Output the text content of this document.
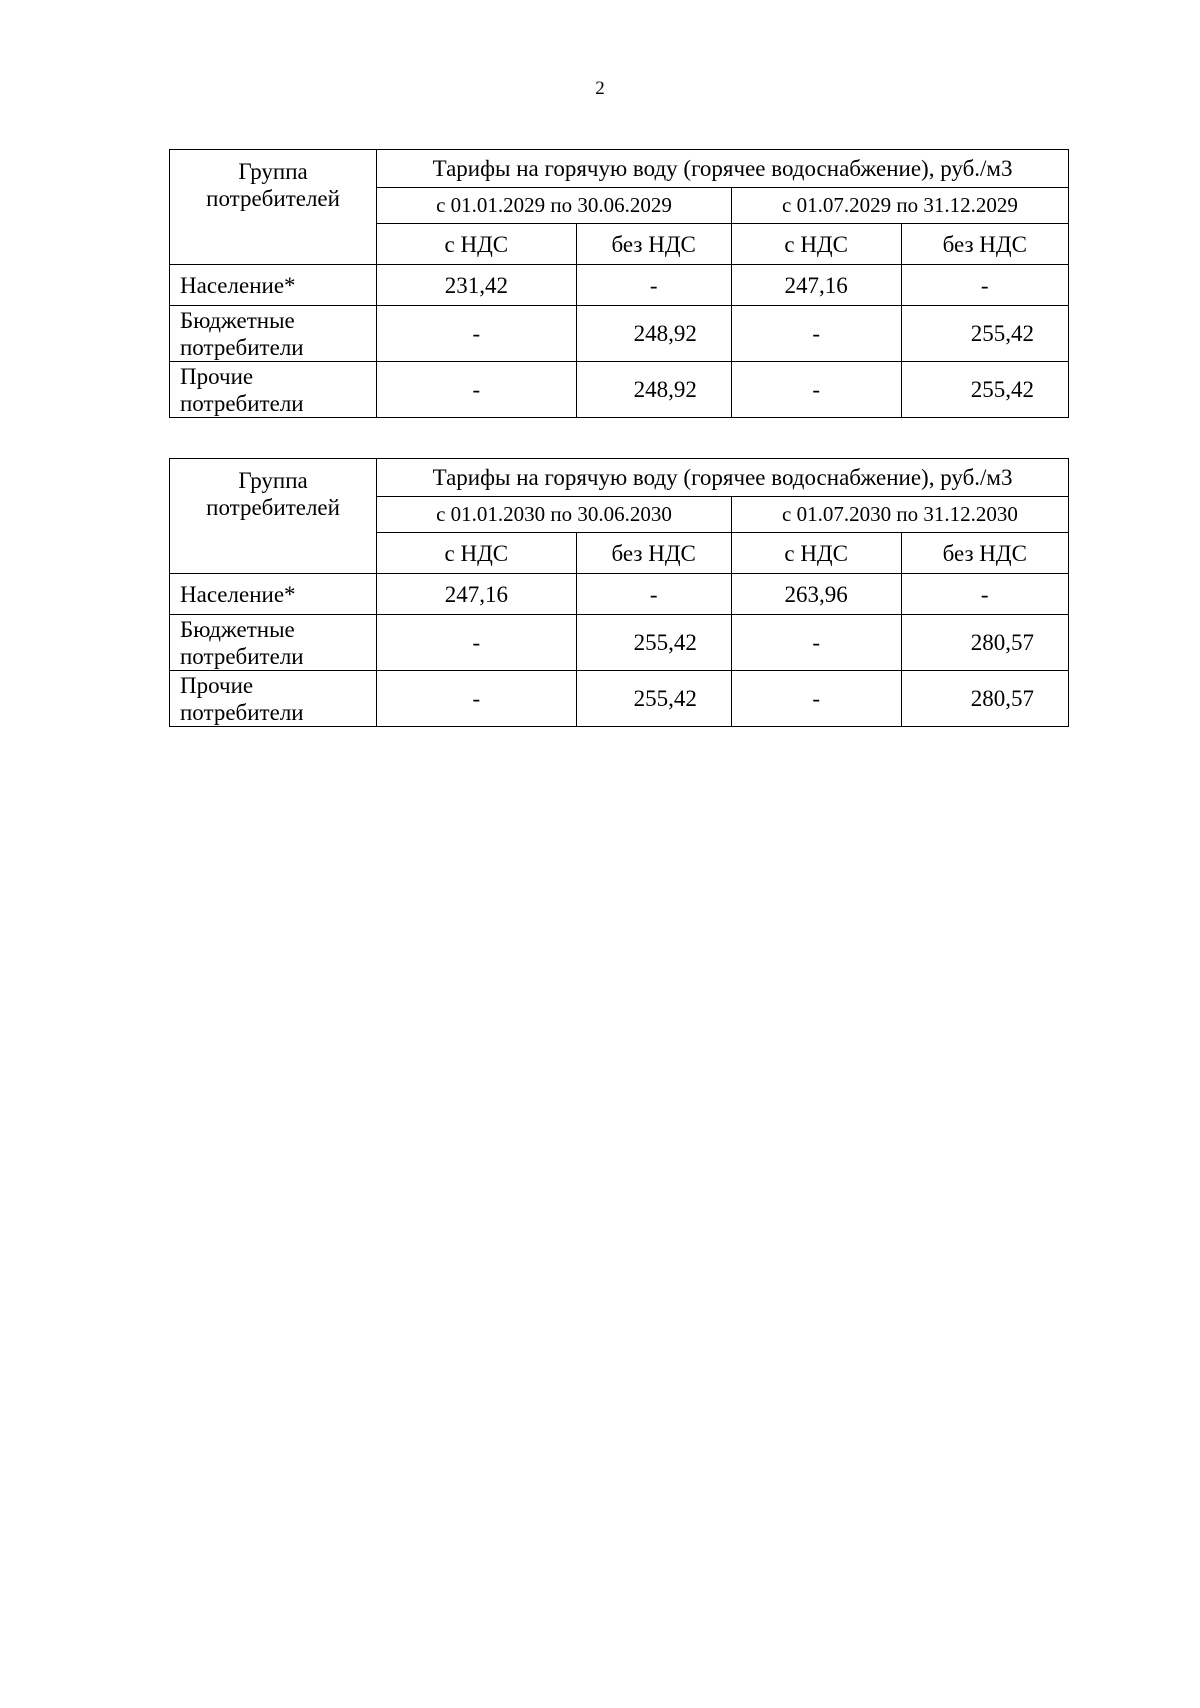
2
Группа потребителей	Тарифы на горячую воду (горячее водоснабжение), руб./м3			
	с 01.01.2029 по 30.06.2029		с 01.07.2029 по 31.12.2029	
	с НДС	без НДС	с НДС	без НДС
Население*	231,42	-	247,16	-
Бюджетные потребители	-	248,92	-	255,42
Прочие потребители	-	248,92	-	255,42
Группа потребителей	Тарифы на горячую воду (горячее водоснабжение), руб./м3			
	с 01.01.2030 по 30.06.2030		с 01.07.2030 по 31.12.2030	
	с НДС	без НДС	с НДС	без НДС
Население*	247,16	-	263,96	-
Бюджетные потребители	-	255,42	-	280,57
Прочие потребители	-	255,42	-	280,57
